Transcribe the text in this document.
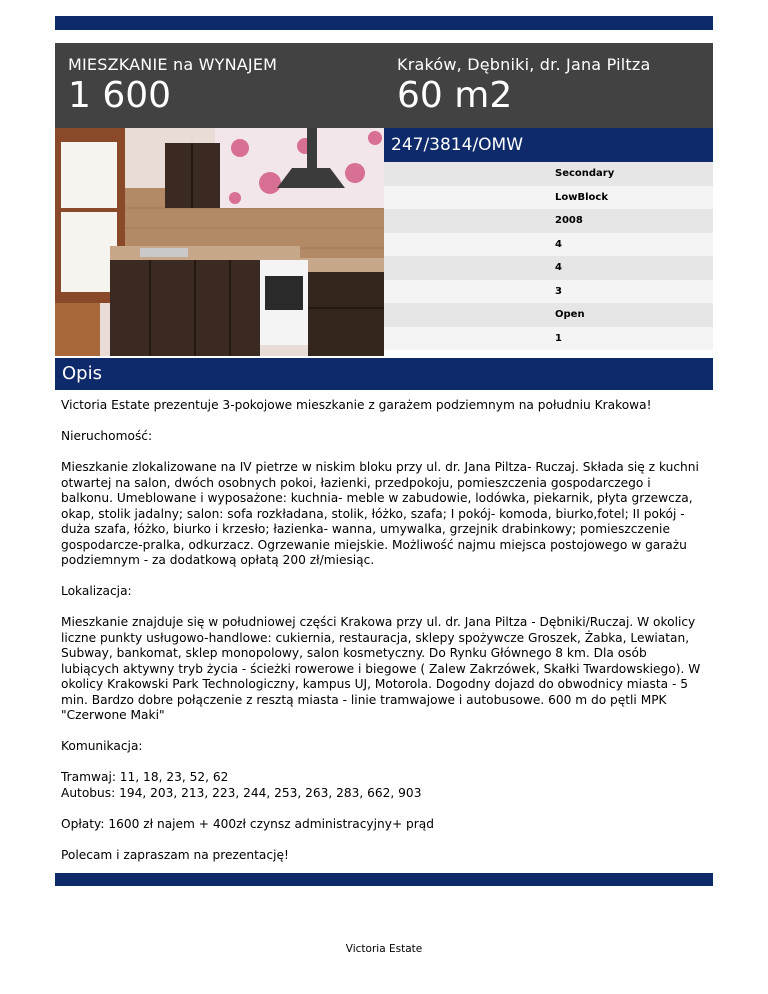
MIESZKANIE na WYNAJEM
1 600
Kraków, Dębniki, dr. Jana Piltza
60 m2
247/3814/OMW
Secondary
LowBlock
2008
4
4
3
Open
1
Opis

Victoria Estate prezentuje 3-pokojowe mieszkanie z garażem podziemnym na południu Krakowa!

Nieruchomość:

Mieszkanie zlokalizowane na IV pietrze w niskim bloku przy ul. dr. Jana Piltza- Ruczaj. Składa się z kuchni otwartej na salon, dwóch osobnych pokoi, łazienki, przedpokoju, pomieszczenia gospodarczego i balkonu. Umeblowane i wyposażone: kuchnia- meble w zabudowie, lodówka, piekarnik, płyta grzewcza, okap, stolik jadalny; salon: sofa rozkładana, stolik, łóżko, szafa; I pokój- komoda, biurko,fotel; II pokój - duża szafa, łóżko, biurko i krzesło; łazienka- wanna, umywalka, grzejnik drabinkowy; pomieszczenie gospodarcze-pralka, odkurzacz. Ogrzewanie miejskie. Możliwość najmu miejsca postojowego w garażu podziemnym - za dodatkową opłatą 200 zł/miesiąc.

Lokalizacja:

Mieszkanie znajduje się w południowej części Krakowa przy ul. dr. Jana Piltza - Dębniki/Ruczaj. W okolicy liczne punkty usługowo-handlowe: cukiernia, restauracja, sklepy spożywcze Groszek, Żabka, Lewiatan, Subway, bankomat, sklep monopolowy, salon kosmetyczny. Do Rynku Głównego 8 km. Dla osób lubiących aktywny tryb życia - ścieżki rowerowe i biegowe ( Zalew Zakrzówek, Skałki Twardowskiego). W okolicy Krakowski Park Technologiczny, kampus UJ, Motorola. Dogodny dojazd do obwodnicy miasta - 5 min. Bardzo dobre połączenie z resztą miasta - linie tramwajowe i autobusowe. 600 m do pętli MPK "Czerwone Maki"

Komunikacja:

Tramwaj: 11, 18, 23, 52, 62
Autobus: 194, 203, 213, 223, 244, 253, 263, 283, 662, 903

Opłaty: 1600 zł najem + 400zł czynsz administracyjny+ prąd

Polecam i zapraszam na prezentację!

Victoria Estate
